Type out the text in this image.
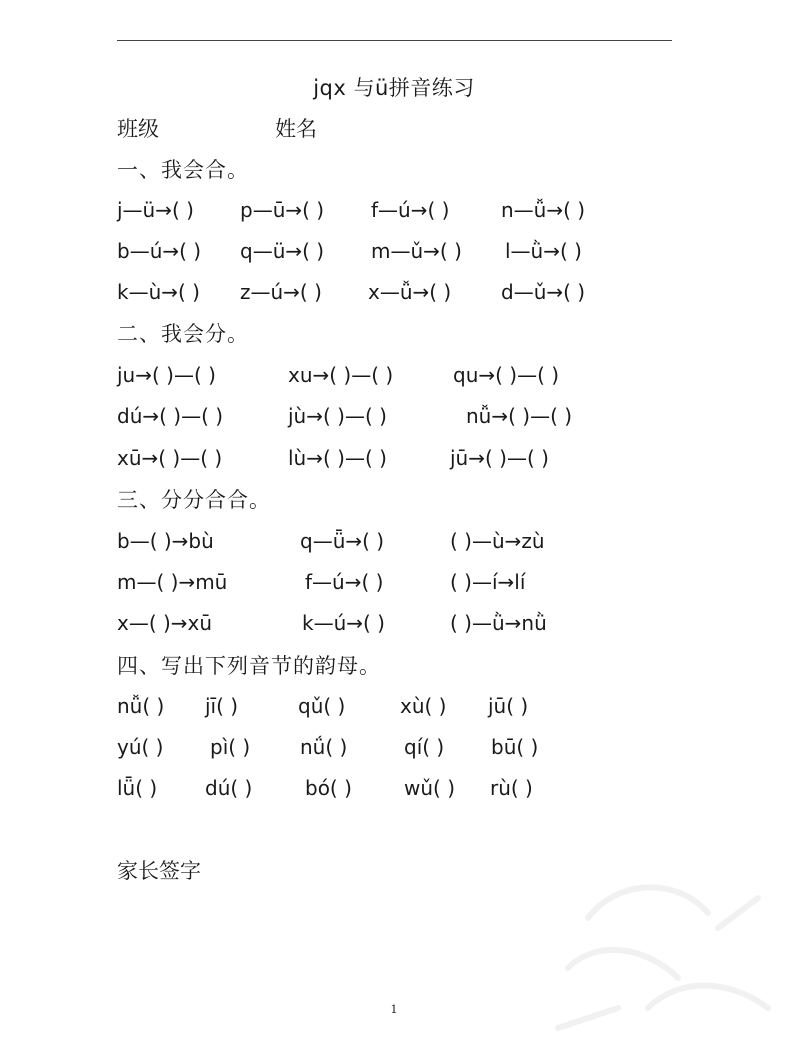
jqx 与ü拼音练习
班级	姓名
一、我会合。
j—ü→( ) p—ū→( ) f—ú→( )	n—ǚ→( )
b—ú→( ) q—ü→( ) m—ǔ→( ) l—ǜ→( )
k—ù→( ) z—ú→( ) x—ǚ→( ) d—ǔ→( )
二、我会分。
ju→( )—( )	xu→( )—( )	qu→( )—( )
dú→( )—( )	jù→( )—( )	nǚ→( )—( )
xū→( )—( )	lù→( )—( )	jū→( )—( )
三、分分合合。
b—( )→bù	q—ǖ→( )	( )—ù→zù
m—( )→mū	f—ú→( )	( )—í→lí
x—( )→xū	k—ú→( )	( )—ǜ→nǜ
四、写出下列音节的韵母。
nǚ( ) jī( )	qǔ( )	xù( ) jū( )
yú( ) pì( ) nǘ( )	qí( ) bū( )
lǖ( ) dú( )	bó( )	wǔ( ) rù( )
家长签字
1
